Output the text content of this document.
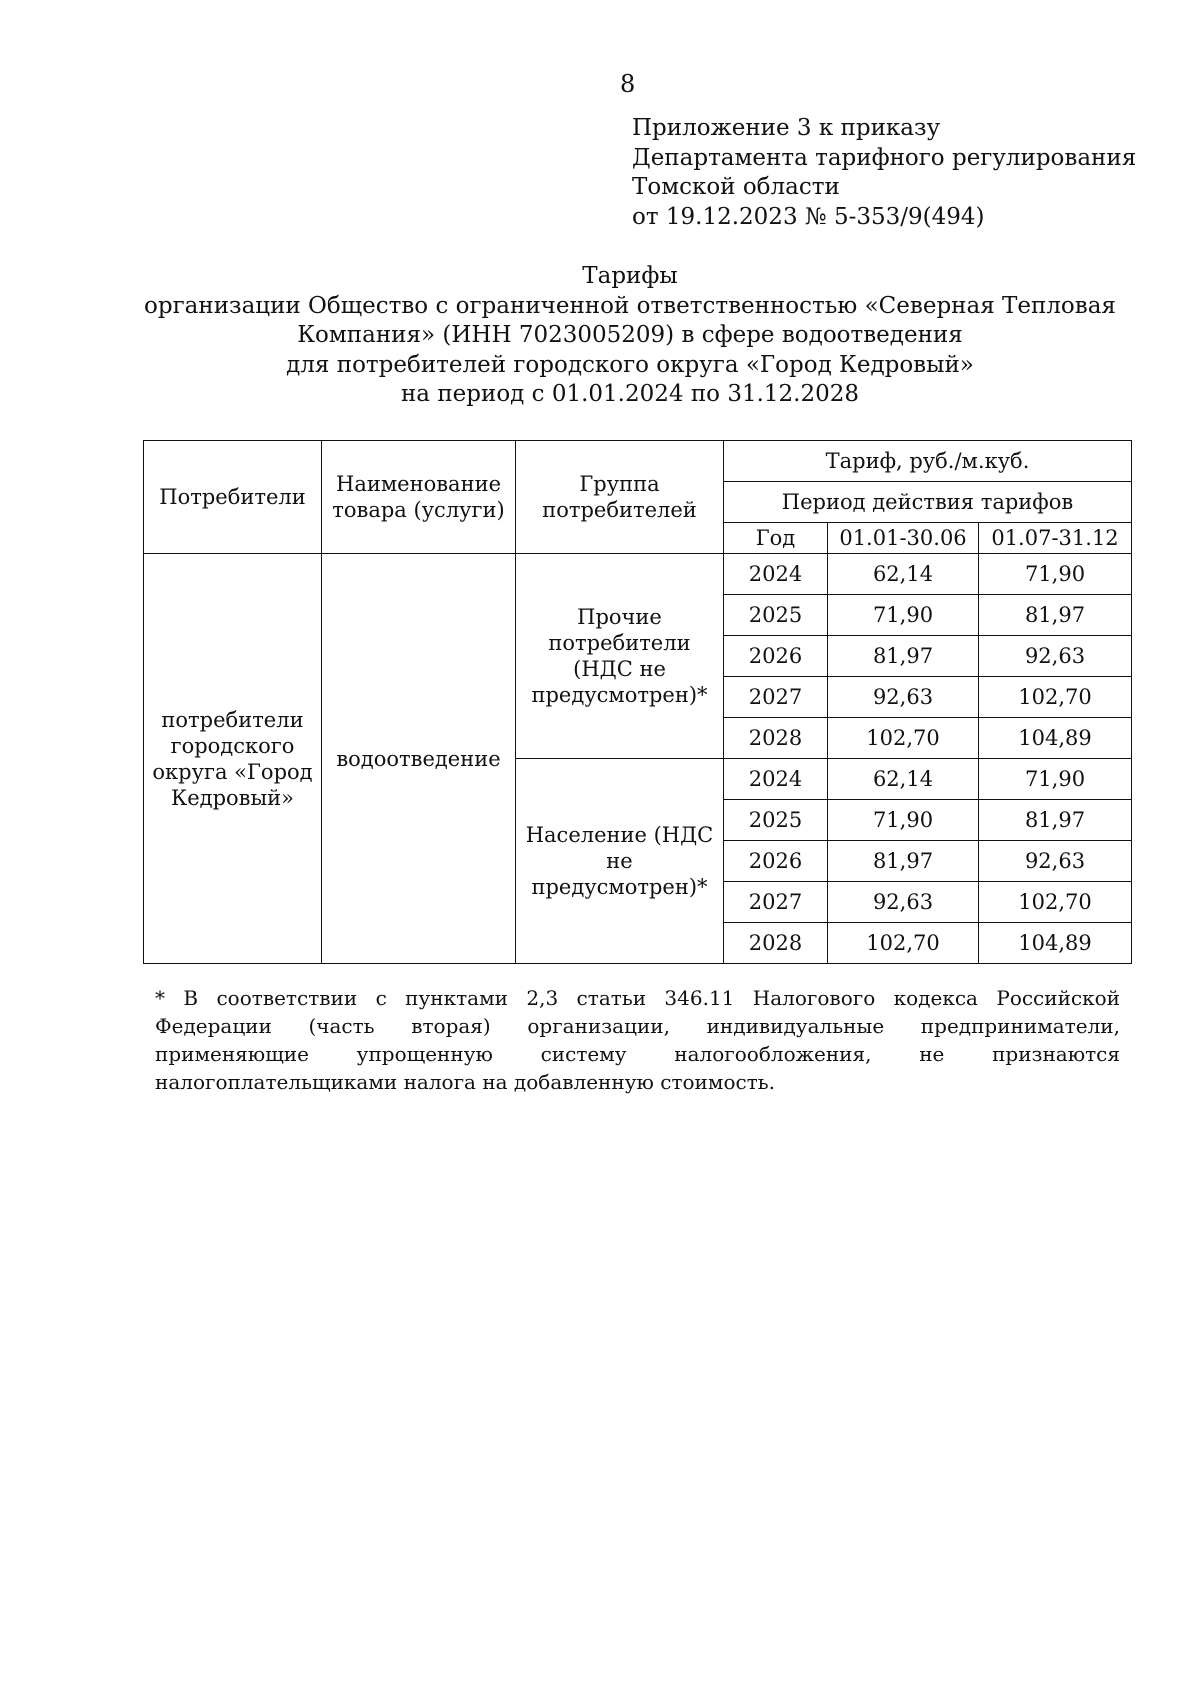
8
Приложение 3 к приказу
Департамента тарифного регулирования
Томской области
от 19.12.2023 № 5-353/9(494)
Тарифы
организации Общество с ограниченной ответственностью «Северная Тепловая
Компания» (ИНН 7023005209) в сфере водоотведения
для потребителей городского округа «Город Кедровый»
на период с 01.01.2024 по 31.12.2028
Потребители	Наименование товара (услуги)	Группа потребителей	Тариф, руб./м.куб.		
			Период действия тарифов		
			Год	01.01-30.06	01.07-31.12
потребители городского округа «Город Кедровый»	водоотведение	Прочие потребители (НДС не предусмотрен)*	2024	62,14	71,90
			2025	71,90	81,97
			2026	81,97	92,63
			2027	92,63	102,70
			2028	102,70	104,89
		Население (НДС не предусмотрен)*	2024	62,14	71,90
			2025	71,90	81,97
			2026	81,97	92,63
			2027	92,63	102,70
			2028	102,70	104,89
* В соответствии с пунктами 2,3 статьи 346.11 Налогового кодекса Российской Федерации (часть вторая) организации, индивидуальные предприниматели, применяющие упрощенную систему налогообложения, не признаются налогоплательщиками налога на добавленную стоимость.
